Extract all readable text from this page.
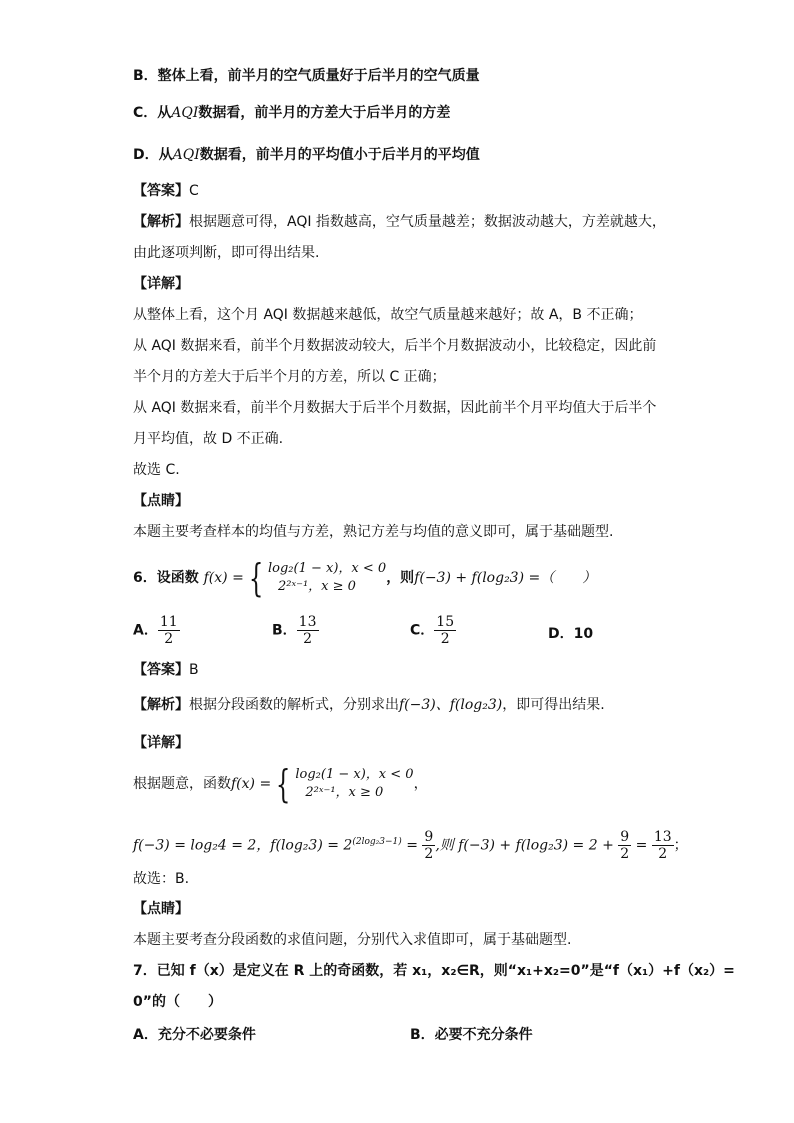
B．整体上看，前半月的空气质量好于后半月的空气质量
C．从AQI数据看，前半月的方差大于后半月的方差
D．从AQI数据看，前半月的平均值小于后半月的平均值
【答案】C
【解析】根据题意可得，AQI 指数越高，空气质量越差；数据波动越大，方差就越大，
由此逐项判断，即可得出结果.
【详解】
从整体上看，这个月 AQI 数据越来越低，故空气质量越来越好；故 A，B 不正确；
从 AQI 数据来看，前半个月数据波动较大，后半个月数据波动小，比较稳定，因此前
半个月的方差大于后半个月的方差，所以 C 正确；
从 AQI 数据来看，前半个月数据大于后半个月数据，因此前半个月平均值大于后半个
月平均值，故 D 不正确.
故选 C.
【点睛】
本题主要考查样本的均值与方差，熟记方差与均值的意义即可，属于基础题型.
6．设函数 f(x) = { log₂(1 − x)，x < 0
2²ˣ⁻¹，x ≥ 0
，则f(−3) + f(log₂3) =（　　）
A． $\frac{11}{2}$	B． $\frac{13}{2}$	C． $\frac{15}{2}$	D．10
【答案】B
【解析】根据分段函数的解析式，分别求出f(−3)、f(log₂3)，即可得出结果.
【详解】
根据题意，函数f(x) = { log₂(1 − x)，x < 0
2²ˣ⁻¹，x ≥ 0
，
f(−3) = log₂4 = 2，$f(\log_23) = 2^{(2log_23-1)} = \frac{9}{2}$ ,则 $f(-3) + f(\log_23) = 2 + \frac{9}{2} = \frac{13}{2}$ ；
故选：B.
【点睛】
本题主要考查分段函数的求值问题，分别代入求值即可，属于基础题型.
7．已知 f（x）是定义在 R 上的奇函数，若 x₁，x₂∈R，则“x₁+x₂=0”是“f（x₁）+f（x₂）=
0”的（　　）
A．充分不必要条件	B．必要不充分条件
